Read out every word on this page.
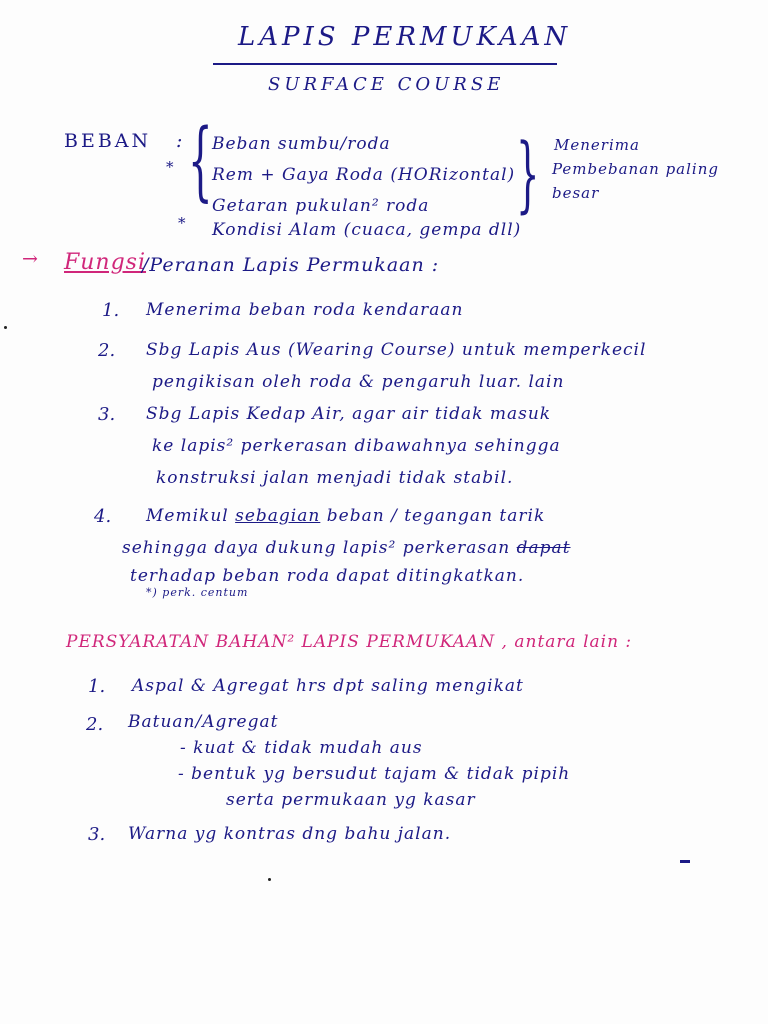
LAPIS PERMUKAAN
SURFACE COURSE
BEBAN : {
*
*
Beban sumbu/roda
Rem + Gaya Roda (HORizontal)
Getaran pukulan² roda
Kondisi Alam (cuaca, gempa dll)
} Menerima
Pembebanan paling
besar
→ Fungsi
/Peranan Lapis Permukaan :
1. Menerima beban roda kendaraan
2. Sbg Lapis Aus (Wearing Course) untuk memperkecil
pengikisan oleh roda & pengaruh luar. lain
3. Sbg Lapis Kedap Air, agar air tidak masuk
ke lapis² perkerasan dibawahnya sehingga
konstruksi jalan menjadi tidak stabil.
4. Memikul sebagian beban / tegangan tarik
sehingga daya dukung lapis² perkerasan dapat
terhadap beban roda dapat ditingkatkan.
*) perk. centum
PERSYARATAN BAHAN² LAPIS PERMUKAAN , antara lain :
1. Aspal & Agregat hrs dpt saling mengikat
2. Batuan/Agregat
- kuat & tidak mudah aus
- bentuk yg bersudut tajam & tidak pipih
serta permukaan yg kasar
3. Warna yg kontras dng bahu jalan.
